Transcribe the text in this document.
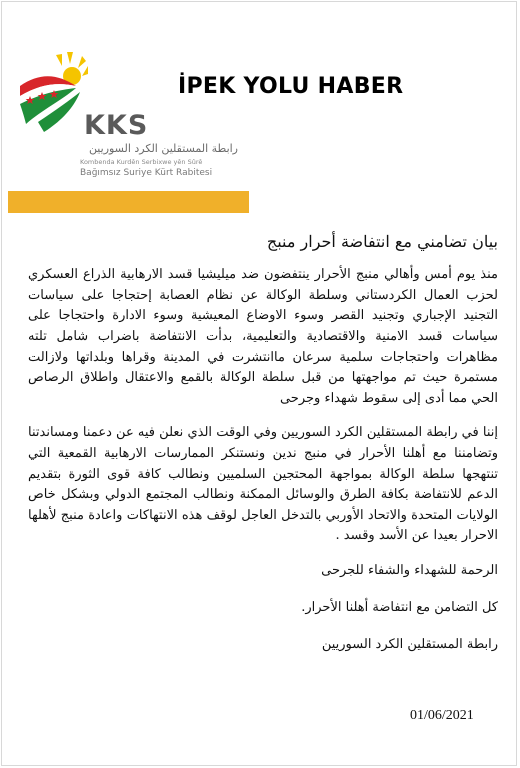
KKS
رابطة المستقلين الكرد السوريين
Kombenda Kurdên Serbixwe yên Sûrê
Bağımsız Suriye Kürt Rabitesi
İPEK YOLU HABER
بيان تضامني مع انتفاضة أحرار منبج

منذ يوم أمس وأهالي منبج الأحرار ينتفضون ضد ميليشيا قسد الارهابية الذراع العسكري لحزب العمال الكردستاني وسلطة الوكالة عن نظام العصابة إحتجاجا على سياسات التجنيد الإجباري وتجنيد القصر وسوء الاوضاع المعيشية وسوء الادارة واحتجاجا على سياسات قسد الامنية والاقتصادية والتعليمية، بدأت الانتفاضة باضراب شامل تلته مظاهرات واحتجاجات سلمية سرعان ماانتشرت في المدينة وقراها وبلداتها ولازالت مستمرة حيث تم مواجهتها من قبل سلطة الوكالة بالقمع والاعتقال واطلاق الرصاص الحي مما أدى إلى سقوط شهداء وجرحى

إننا في رابطة المستقلين الكرد السوريين وفي الوقت الذي نعلن فيه عن دعمنا ومساندتنا وتضامننا مع أهلنا الأحرار في منبج ندين ونستنكر الممارسات الارهابية القمعية التي تنتهجها سلطة الوكالة بمواجهة المحتجين السلميين ونطالب كافة قوى الثورة بتقديم الدعم للانتفاضة بكافة الطرق والوسائل الممكنة ونطالب المجتمع الدولي وبشكل خاص الولايات المتحدة والاتحاد الأوربي بالتدخل العاجل لوقف هذه الانتهاكات واعادة منبج لأهلها الاحرار بعيدا عن الأسد وقسد .

الرحمة للشهداء والشفاء للجرحى
كل التضامن مع انتفاضة أهلنا الأحرار.
رابطة المستقلين الكرد السوريين
01/06/2021
